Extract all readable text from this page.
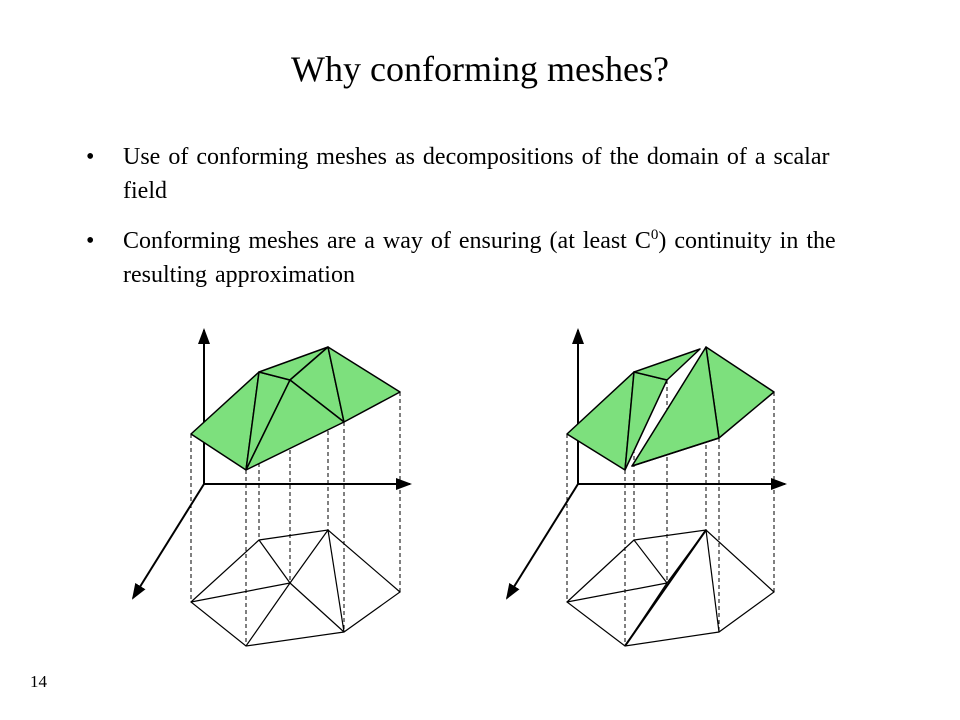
Why conforming meshes?
• Use of conforming meshes as decompositions of the domain of a scalar field
• Conforming meshes are a way of ensuring (at least $C^0$) continuity in the resulting approximation
14
